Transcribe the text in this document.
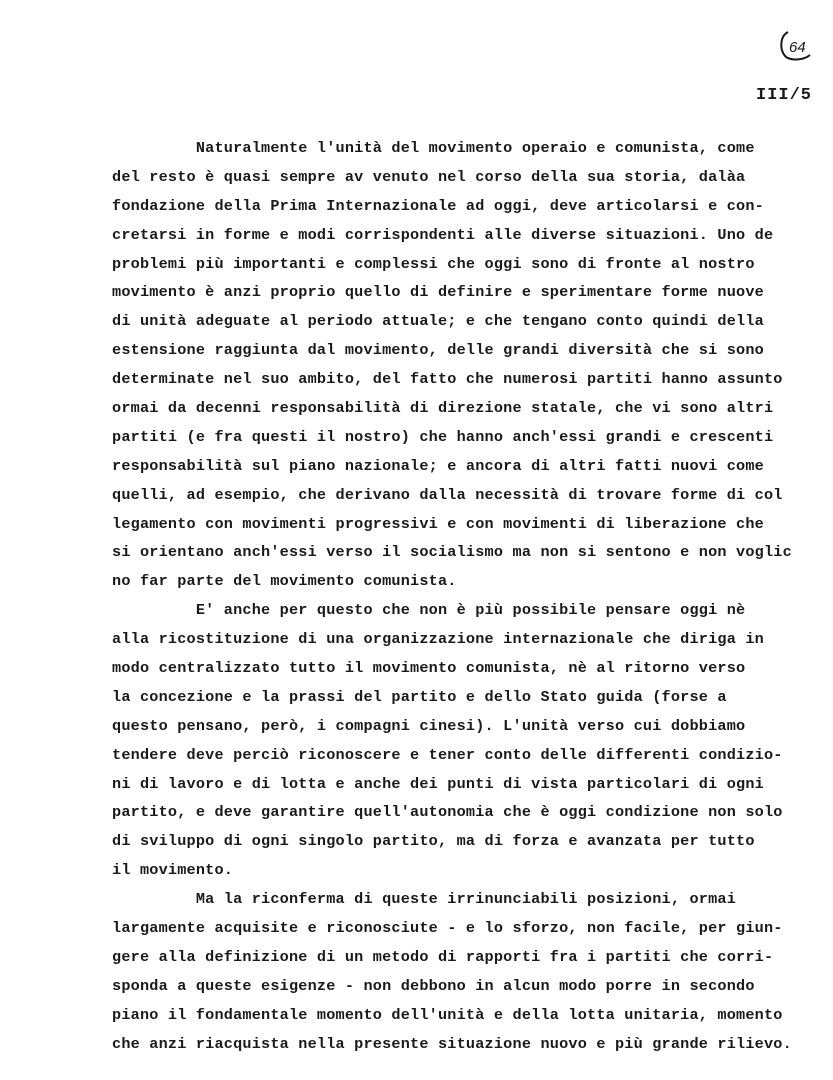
64
III/5
Naturalmente l'unità del movimento operaio e comunista, come
del resto è quasi sempre av venuto nel corso della sua storia, dalàa
fondazione della Prima Internazionale ad oggi, deve articolarsi e con-
cretarsi in forme e modi corrispondenti alle diverse situazioni. Uno de
problemi più importanti e complessi che oggi sono di fronte al nostro
movimento è anzi proprio quello di definire e sperimentare forme nuove
di unità adeguate al periodo attuale; e che tengano conto quindi della
estensione raggiunta dal movimento, delle grandi diversità che si sono
determinate nel suo ambito, del fatto che numerosi partiti hanno assunto
ormai da decenni responsabilità di direzione statale, che vi sono altri
partiti (e fra questi il nostro) che hanno anch'essi grandi e crescenti
responsabilità sul piano nazionale; e ancora di altri fatti nuovi come
quelli, ad esempio, che derivano dalla necessità di trovare forme di col
legamento con movimenti progressivi e con movimenti di liberazione che
si orientano anch'essi verso il socialismo ma non si sentono e non voglic
no far parte del movimento comunista.
E' anche per questo che non è più possibile pensare oggi nè
alla ricostituzione di una organizzazione internazionale che diriga in
modo centralizzato tutto il movimento comunista, nè al ritorno verso
la concezione e la prassi del partito e dello Stato guida (forse a
questo pensano, però, i compagni cinesi). L'unità verso cui dobbiamo
tendere deve perciò riconoscere e tener conto delle differenti condizio-
ni di lavoro e di lotta e anche dei punti di vista particolari di ogni
partito, e deve garantire quell'autonomia che è oggi condizione non solo
di sviluppo di ogni singolo partito, ma di forza e avanzata per tutto
il movimento.
Ma la riconferma di queste irrinunciabili posizioni, ormai
largamente acquisite e riconosciute - e lo sforzo, non facile, per giun-
gere alla definizione di un metodo di rapporti fra i partiti che corri-
sponda a queste esigenze - non debbono in alcun modo porre in secondo
piano il fondamentale momento dell'unità e della lotta unitaria, momento
che anzi riacquista nella presente situazione nuovo e più grande rilievo.
